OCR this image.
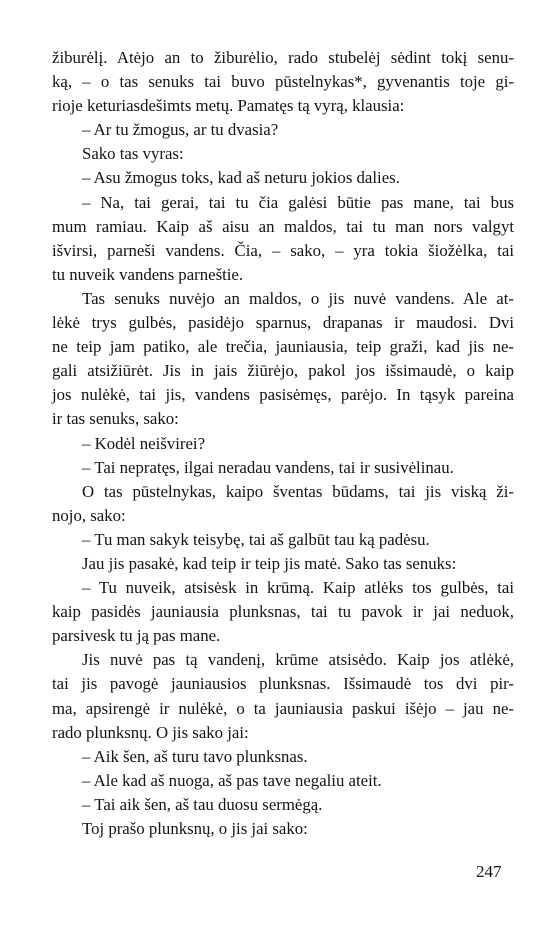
žiburėlį. Atėjo an to žiburėlio, rado stubelėj sėdint tokį senu-
ką, – o tas senuks tai buvo pūstelnykas*, gyvenantis toje gi-
rioje keturiasdešimts metų. Pamatęs tą vyrą, klausia:
– Ar tu žmogus, ar tu dvasia?
Sako tas vyras:
– Asu žmogus toks, kad aš neturu jokios dalies.
– Na, tai gerai, tai tu čia galėsi būtie pas mane, tai bus
mum ramiau. Kaip aš aisu an maldos, tai tu man nors valgyt
išvirsi, parneši vandens. Čia, – sako, – yra tokia šiožėlka, tai
tu nuveik vandens parneštie.
Tas senuks nuvėjo an maldos, o jis nuvė vandens. Ale at-
lėkė trys gulbės, pasidėjo sparnus, drapanas ir maudosi. Dvi
ne teip jam patiko, ale trečia, jauniausia, teip graži, kad jis ne-
gali atsižiūrėt. Jis in jais žiūrėjo, pakol jos išsimaudė, o kaip
jos nulėkė, tai jis, vandens pasisėmęs, parėjo. In tąsyk pareina
ir tas senuks, sako:
– Kodėl neišvirei?
– Tai nepratęs, ilgai neradau vandens, tai ir susivėlinau.
O tas pūstelnykas, kaipo šventas būdams, tai jis viską ži-
nojo, sako:
– Tu man sakyk teisybę, tai aš galbūt tau ką padėsu.
Jau jis pasakė, kad teip ir teip jis matė. Sako tas senuks:
– Tu nuveik, atsisėsk in krūmą. Kaip atlėks tos gulbės, tai
kaip pasidės jauniausia plunksnas, tai tu pavok ir jai neduok,
parsivesk tu ją pas mane.
Jis nuvė pas tą vandenį, krūme atsisėdo. Kaip jos atlėkė,
tai jis pavogė jauniausios plunksnas. Išsimaudė tos dvi pir-
ma, apsirengė ir nulėkė, o ta jauniausia paskui išėjo – jau ne-
rado plunksnų. O jis sako jai:
– Aik šen, aš turu tavo plunksnas.
– Ale kad aš nuoga, aš pas tave negaliu ateit.
– Tai aik šen, aš tau duosu sermėgą.
Toj prašo plunksnų, o jis jai sako:
247
